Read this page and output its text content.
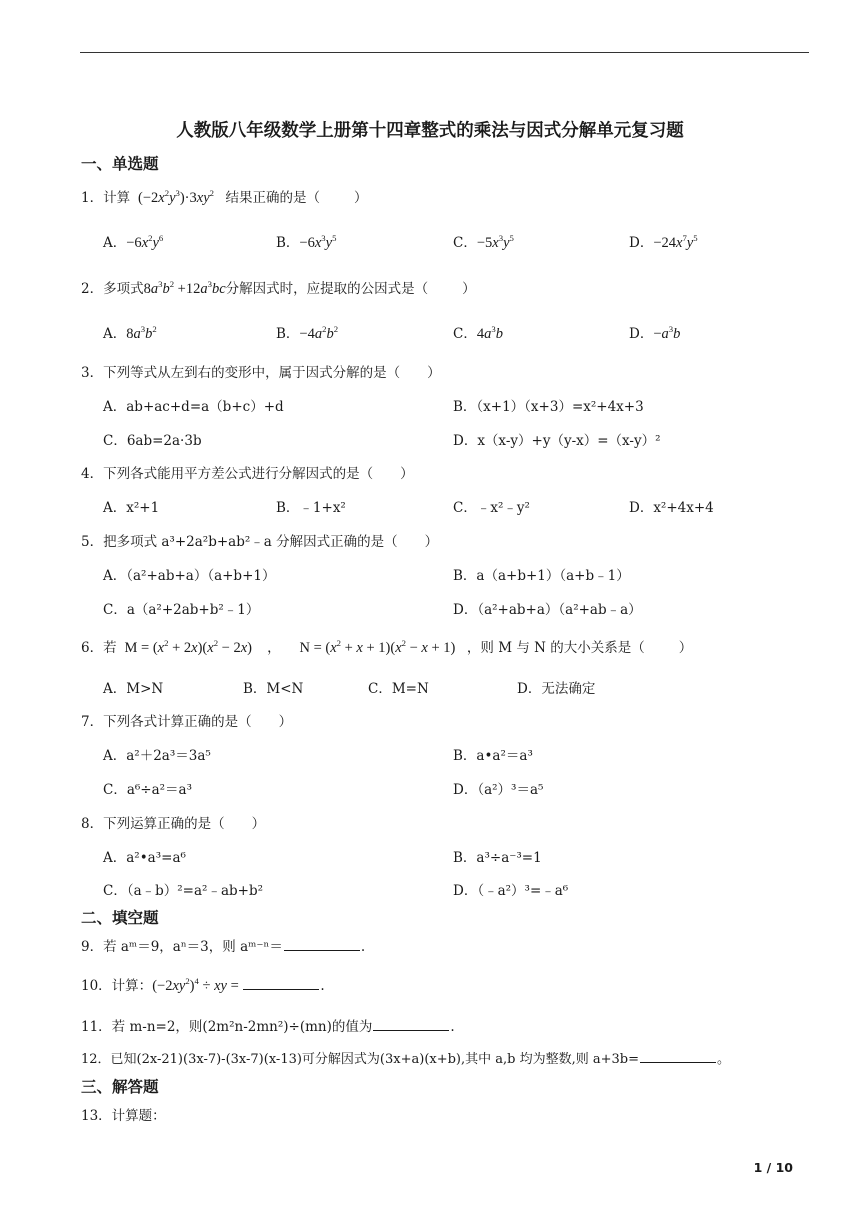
人教版八年级数学上册第十四章整式的乘法与因式分解单元复习题
一、单选题
1．计算  $(-2x^2y^3)\cdot 3xy^2$ 结果正确的是（	）
A．$-6x^2y^6$	B．$-6x^3y^5$	C．$-5x^3y^5$	D．$-24x^7y^5$
2．多项式$8a^3b^2 +12a^3bc$分解因式时，应提取的公因式是（	）
A．$8a^3b^2$	B．$-4a^2b^2$	C．$4a^3b$	D．$-a^3b$
3．下列等式从左到右的变形中，属于因式分解的是（　　）
A．ab+ac+d=a（b+c）+d	B．（x+1）（x+3）=x²+4x+3
C．6ab=2a·3b	D．x（x-y）+y（y-x）=（x-y）²
4．下列各式能用平方差公式进行分解因式的是（　　）
A．x²+1	B．﹣1+x²	C．﹣x²﹣y²	D．x²+4x+4
5．把多项式 a³+2a²b+ab²﹣a 分解因式正确的是（　　）
A．（a²+ab+a）（a+b+1）	B．a（a+b+1）（a+b﹣1）
C．a（a²+2ab+b²﹣1）	D．（a²+ab+a）（a²+ab﹣a）
6．若  $M = (x^2 + 2x)(x^2 - 2x)$    ，     $N = (x^2 + x + 1)(x^2 - x + 1)$   ，则 M 与 N 的大小关系是（	）
A．M>N	B．M<N	C．M=N	D．无法确定
7．下列各式计算正确的是（　　）
A．a²＋2a³＝3a⁵	B．a•a²＝a³
C．a⁶÷a²＝a³	D．（a²）³＝a⁵
8．下列运算正确的是（　　）
A．a²•a³=a⁶	B．a³÷a⁻³=1
C．（a﹣b）²=a²﹣ab+b²	D．（﹣a²）³=﹣a⁶
二、填空题
9．若 aᵐ＝9，aⁿ＝3，则 aᵐ⁻ⁿ＝	.
10．计算：$(-2xy^2)^4$ ÷ xy =	.
11．若 m-n=2，则(2m²n-2mn²)÷(mn)的值为	.
12．已知(2x-21)(3x-7)-(3x-7)(x-13)可分解因式为(3x+a)(x+b),其中 a,b 均为整数,则 a+3b=	。
三、解答题
13．计算题：
1 / 10
